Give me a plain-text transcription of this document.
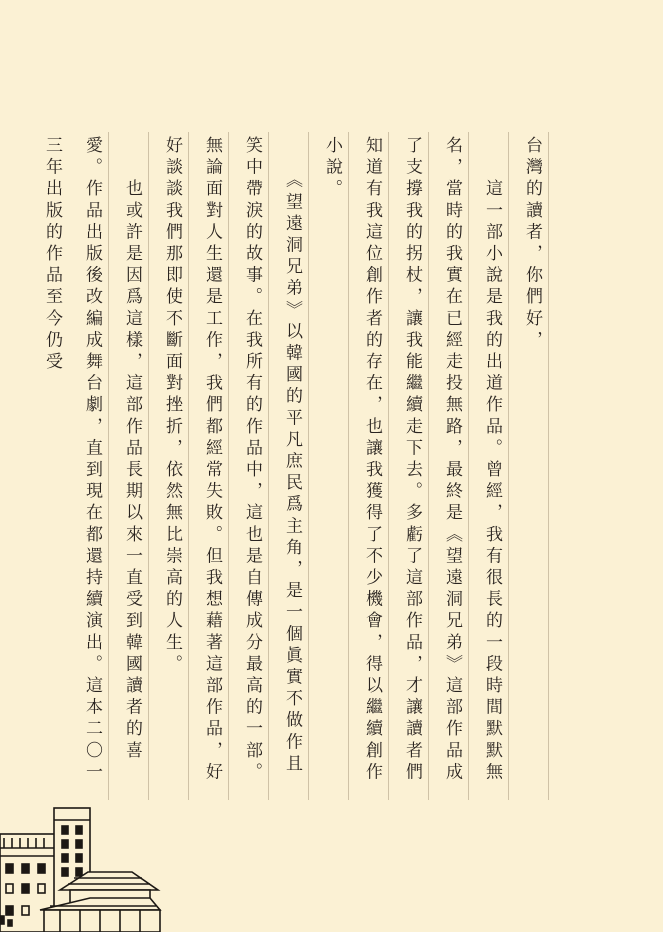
台灣的讀者，你們好，
　　這一部小說是我的出道作品。曾經，我有很長的一段時間默默無名，當時的我實在已經走投無路，最終是《望遠洞兄弟》這部作品成了支撐我的拐杖，讓我能繼續走下去。多虧了這部作品，才讓讀者們知道有我這位創作者的存在，也讓我獲得了不少機會，得以繼續創作小說。
　　《望遠洞兄弟》以韓國的平凡庶民爲主角，是一個眞實不做作且笑中帶淚的故事。在我所有的作品中，這也是自傳成分最高的一部。無論面對人生還是工作，我們都經常失敗。但我想藉著這部作品，好好談談我們那即使不斷面對挫折，依然無比崇高的人生。
　　也或許是因爲這樣，這部作品長期以來一直受到韓國讀者的喜愛。作品出版後改編成舞台劇，直到現在都還持續演出。這本二〇一三年出版的作品至今仍受
